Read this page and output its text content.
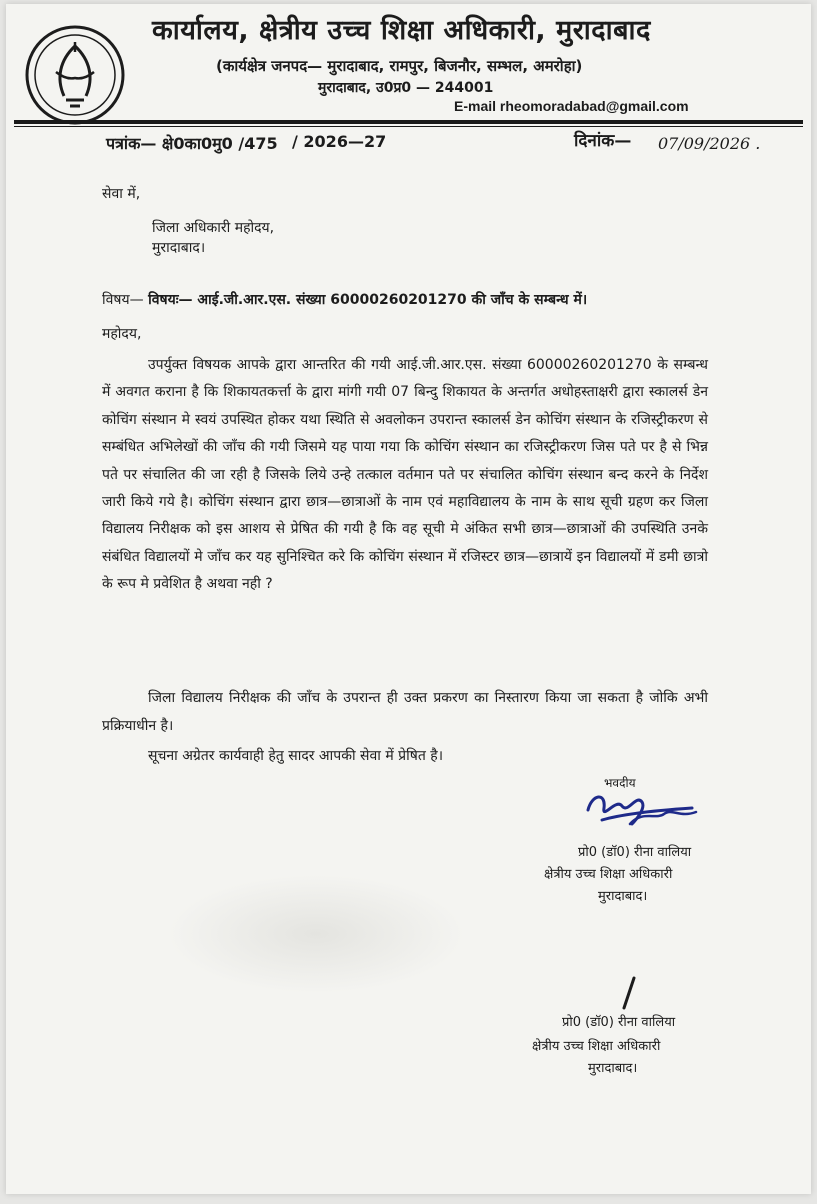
कार्यालय, क्षेत्रीय उच्च शिक्षा अधिकारी, मुरादाबाद
(कार्यक्षेत्र जनपद— मुरादाबाद, रामपुर, बिजनौर, सम्भल, अमरोहा)
मुरादाबाद, उ0प्र0 — 244001
E-mail rheomoradabad@gmail.com
पत्रांक— क्षे0का0मु0 /475 / 2026—27	दिनांक— 07/09/2026 .
सेवा में,
जिला अधिकारी महोदय,
मुरादाबाद।
विषय— विषयः— आई.जी.आर.एस. संख्या 60000260201270 की जाँच के सम्बन्ध में।
महोदय,
उपर्युक्त विषयक आपके द्वारा आन्तरित की गयी आई.जी.आर.एस. संख्या 60000260201270 के सम्बन्ध में अवगत कराना है कि शिकायतकर्त्ता के द्वारा मांगी गयी 07 बिन्दु शिकायत के अन्तर्गत अधोहस्ताक्षरी द्वारा स्कालर्स डेन कोचिंग संस्थान मे स्वयं उपस्थित होकर यथा स्थिति से अवलोकन उपरान्त स्कालर्स डेन कोचिंग संस्थान के रजिस्ट्रीकरण से सम्बंधित अभिलेखों की जाँच की गयी जिसमे यह पाया गया कि कोचिंग संस्थान का रजिस्ट्रीकरण जिस पते पर है से भिन्न पते पर संचालित की जा रही है जिसके लिये उन्हे तत्काल वर्तमान पते पर संचालित कोचिंग संस्थान बन्द करने के निर्देश जारी किये गये है। कोचिंग संस्थान द्वारा छात्र—छात्राओं के नाम एवं महाविद्यालय के नाम के साथ सूची ग्रहण कर जिला विद्यालय निरीक्षक को इस आशय से प्रेषित की गयी है कि वह सूची मे अंकित सभी छात्र—छात्राओं की उपस्थिति उनके संबंधित विद्यालयों मे जाँच कर यह सुनिश्चित करे कि कोचिंग संस्थान में रजिस्टर छात्र—छात्रायें इन विद्यालयों में डमी छात्रो के रूप मे प्रवेशित है अथवा नही ?
जिला विद्यालय निरीक्षक की जाँच के उपरान्त ही उक्त प्रकरण का निस्तारण किया जा सकता है जोकि अभी प्रक्रियाधीन है।
सूचना अग्रेतर कार्यवाही हेतु सादर आपकी सेवा में प्रेषित है।
भवदीय
प्रो0 (डॉ0) रीना वालिया
क्षेत्रीय उच्च शिक्षा अधिकारी
मुरादाबाद।
प्रो0 (डॉ0) रीना वालिया
क्षेत्रीय उच्च शिक्षा अधिकारी
मुरादाबाद।
